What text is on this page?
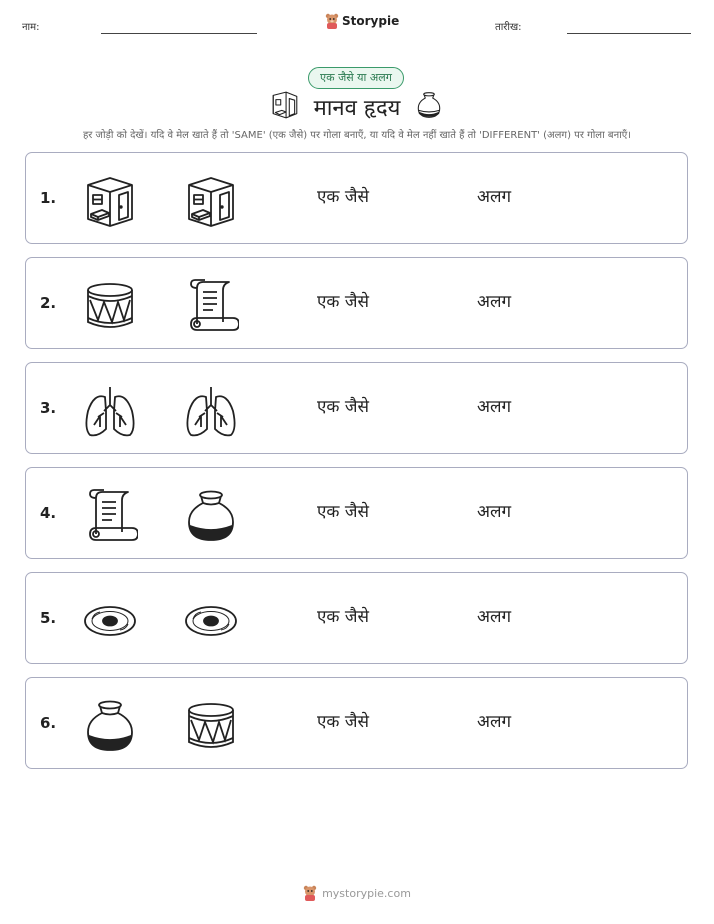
नाम:	Storypie	तारीख:
एक जैसे या अलग
मानव हृदय
हर जोड़ी को देखें। यदि वे मेल खाते हैं तो 'SAME' (एक जैसे) पर गोला बनाएँ, या यदि वे मेल नहीं खाते हैं तो 'DIFFERENT' (अलग) पर गोला बनाएँ।
1.	एक जैसे	अलग
2.	एक जैसे	अलग
3.	एक जैसे	अलग
4.	एक जैसे	अलग
5.	एक जैसे	अलग
6.	एक जैसे	अलग
mystorypie.com
